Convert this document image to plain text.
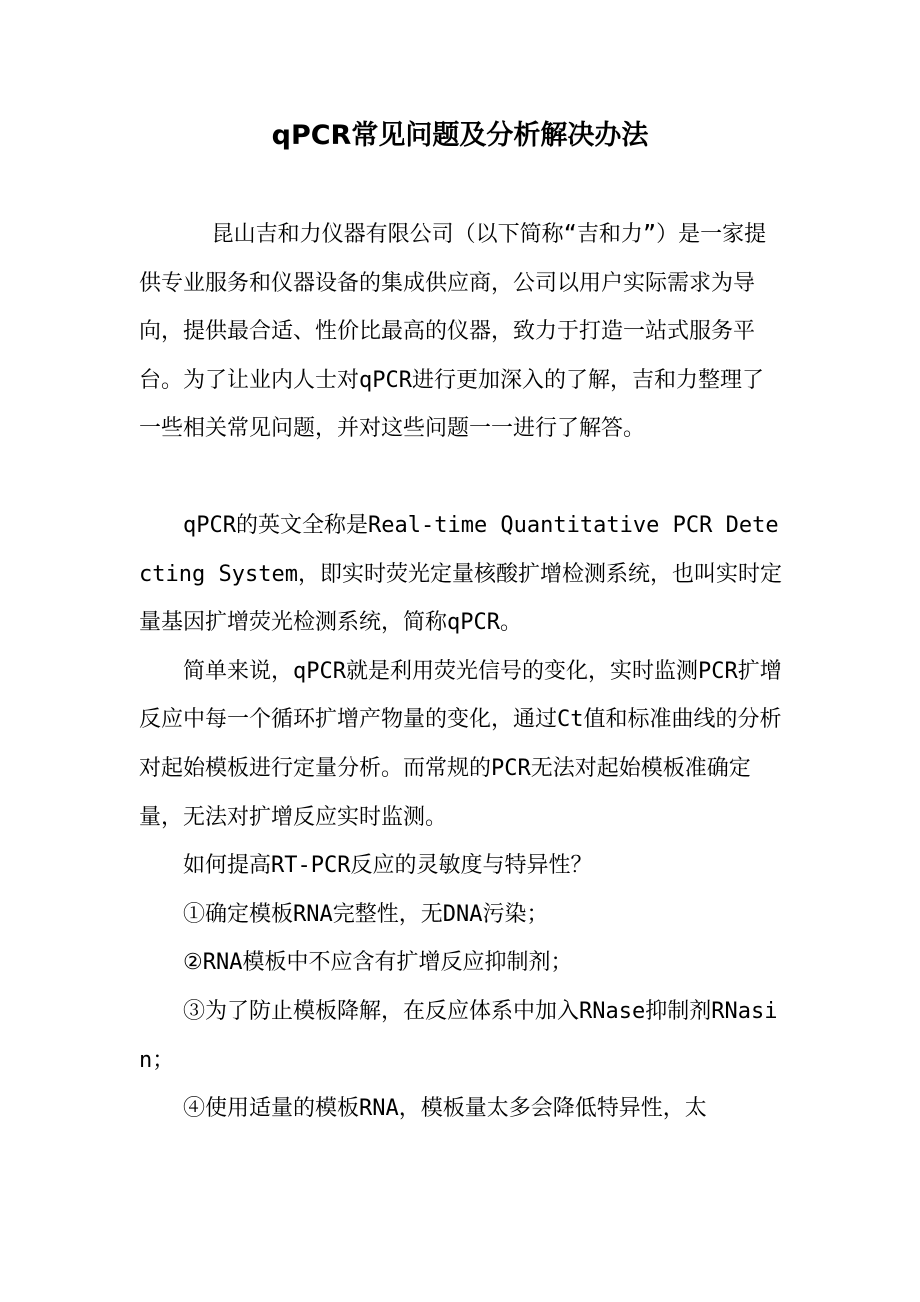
qPCR常见问题及分析解决办法

昆山吉和力仪器有限公司（以下简称“吉和力”）是一家提供专业服务和仪器设备的集成供应商，公司以用户实际需求为导向，提供最合适、性价比最高的仪器，致力于打造一站式服务平台。为了让业内人士对qPCR进行更加深入的了解，吉和力整理了一些相关常见问题，并对这些问题一一进行了解答。

qPCR的英文全称是Real-time Quantitative PCR Detecting System，即实时荧光定量核酸扩增检测系统，也叫实时定量基因扩增荧光检测系统，简称qPCR。

简单来说，qPCR就是利用荧光信号的变化，实时监测PCR扩增反应中每一个循环扩增产物量的变化，通过Ct值和标准曲线的分析对起始模板进行定量分析。而常规的PCR无法对起始模板准确定量，无法对扩增反应实时监测。

如何提高RT-PCR反应的灵敏度与特异性？

①确定模板RNA完整性，无DNA污染；

②RNA模板中不应含有扩增反应抑制剂；

③为了防止模板降解，在反应体系中加入RNase抑制剂RNasin；

④使用适量的模板RNA，模板量太多会降低特异性，太
